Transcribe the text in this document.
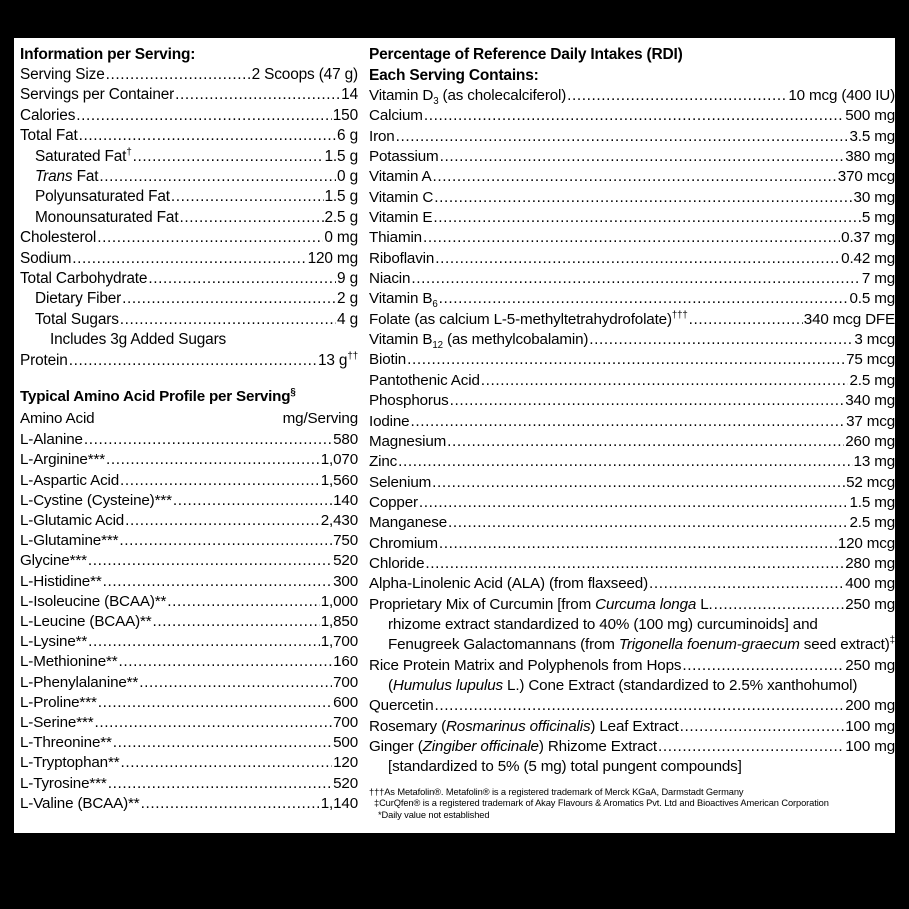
Information per Serving:
Serving Size .....	2 Scoops (47 g)
Servings per Container .....	14
Calories .....	150
Total Fat .....	6 g
Saturated Fat† .....	1.5 g
Trans Fat .....	0 g
Polyunsaturated Fat .....	1.5 g
Monounsaturated Fat .....	2.5 g
Cholesterol .....	0 mg
Sodium .....	120 mg
Total Carbohydrate .....	9 g
Dietary Fiber .....	2 g
Total Sugars .....	4 g
Includes 3g Added Sugars
Protein .....	13 g††
Typical Amino Acid Profile per Serving§
Amino Acid	mg/Serving
L-Alanine .....	580
L-Arginine*** .....	1,070
L-Aspartic Acid .....	1,560
L-Cystine (Cysteine)*** .....	140
L-Glutamic Acid .....	2,430
L-Glutamine*** .....	750
Glycine*** .....	520
L-Histidine** .....	300
L-Isoleucine (BCAA)** .....	1,000
L-Leucine (BCAA)** .....	1,850
L-Lysine** .....	1,700
L-Methionine** .....	160
L-Phenylalanine** .....	700
L-Proline*** .....	600
L-Serine*** .....	700
L-Threonine** .....	500
L-Tryptophan** .....	120
L-Tyrosine*** .....	520
L-Valine (BCAA)** .....	1,140
Percentage of Reference Daily Intakes (RDI)
Each Serving Contains:
Vitamin $D_3$ (as cholecalciferol) .....	10 mcg (400 IU)
Calcium .....	500 mg
Iron .....	3.5 mg
Potassium .....	380 mg
Vitamin A .....	370 mcg
Vitamin C .....	30 mg
Vitamin E .....	5 mg
Thiamin .....	0.37 mg
Riboflavin .....	0.42 mg
Niacin .....	7 mg
Vitamin $B_6$ .....	0.5 mg
Folate (as calcium L-5-methyltetrahydrofolate)††† .....	340 mcg DFE
Vitamin $B_{12}$ (as methylcobalamin) .....	3 mcg
Biotin .....	75 mcg
Pantothenic Acid .....	2.5 mg
Phosphorus .....	340 mg
Iodine .....	37 mcg
Magnesium .....	260 mg
Zinc .....	13 mg
Selenium .....	52 mcg
Copper .....	1.5 mg
Manganese .....	2.5 mg
Chromium .....	120 mcg
Chloride .....	280 mg
Alpha-Linolenic Acid (ALA) (from flaxseed) .....	400 mg
Proprietary Mix of Curcumin [from Curcuma longa L. .....	250 mg
rhizome extract standardized to 40% (100 mg) curcuminoids] and
Fenugreek Galactomannans (from Trigonella foenum-graecum seed extract)‡
Rice Protein Matrix and Polyphenols from Hops .....	250 mg
(Humulus lupulus L.) Cone Extract (standardized to 2.5% xanthohumol)
Quercetin .....	200 mg
Rosemary (Rosmarinus officinalis) Leaf Extract .....	100 mg
Ginger (Zingiber officinale) Rhizome Extract .....	100 mg
[standardized to 5% (5 mg) total pungent compounds]
†††As Metafolin®. Metafolin® is a registered trademark of Merck KGaA, Darmstadt Germany
‡CurQfen® is a registered trademark of Akay Flavours & Aromatics Pvt. Ltd and Bioactives American Corporation
*Daily value not established
